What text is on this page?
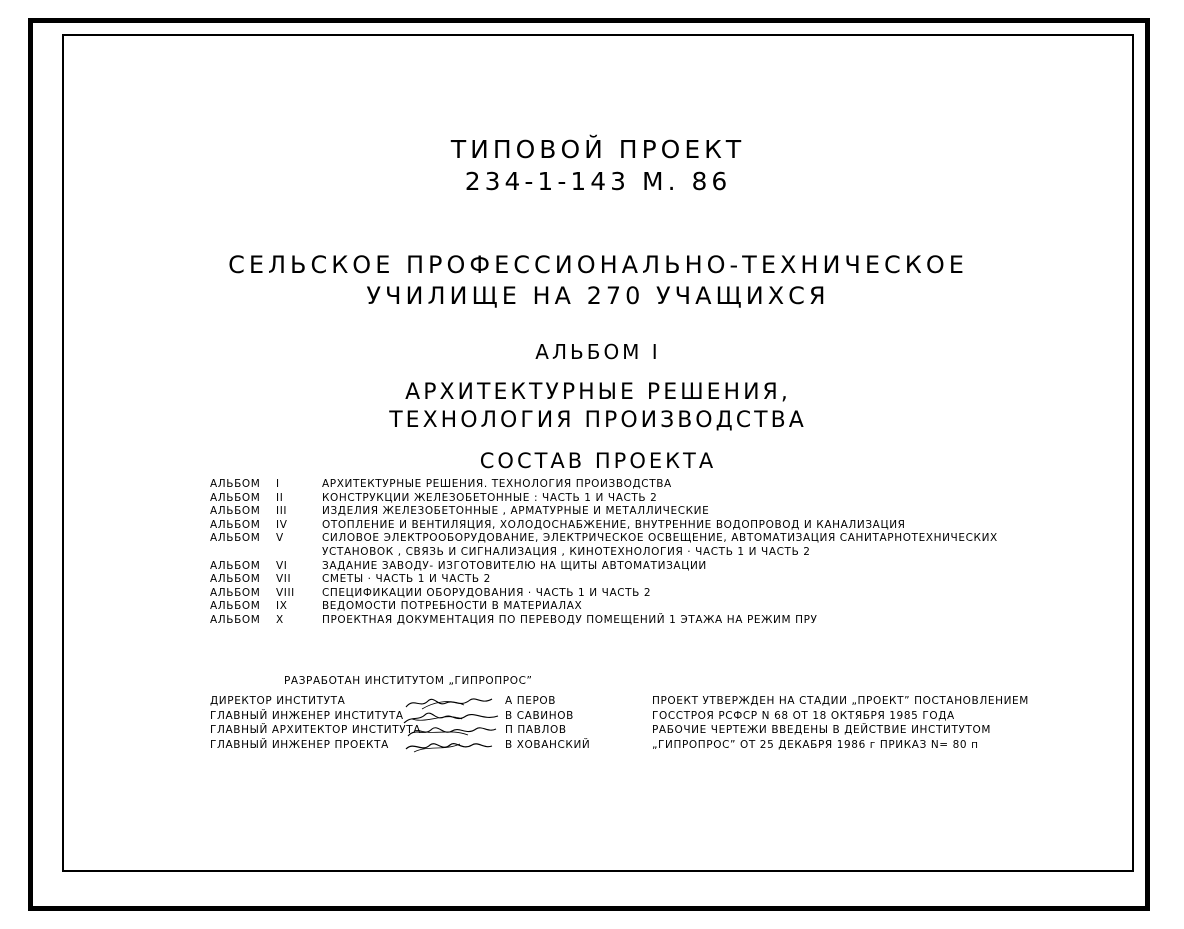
ТИПОВОЙ ПРОЕКТ
234-1-143 М. 86
СЕЛЬСКОЕ ПРОФЕССИОНАЛЬНО-ТЕХНИЧЕСКОЕ
УЧИЛИЩЕ НА 270 УЧАЩИХСЯ
АЛЬБОМ I
АРХИТЕКТУРНЫЕ РЕШЕНИЯ,
ТЕХНОЛОГИЯ ПРОИЗВОДСТВА
СОСТАВ ПРОЕКТА
АЛЬБОМ	I	АРХИТЕКТУРНЫЕ РЕШЕНИЯ. ТЕХНОЛОГИЯ ПРОИЗВОДСТВА
АЛЬБОМ	II	КОНСТРУКЦИИ ЖЕЛЕЗОБЕТОННЫЕ : ЧАСТЬ 1 И ЧАСТЬ 2
АЛЬБОМ	III	ИЗДЕЛИЯ ЖЕЛЕЗОБЕТОННЫЕ , АРМАТУРНЫЕ И МЕТАЛЛИЧЕСКИЕ
АЛЬБОМ	IV	ОТОПЛЕНИЕ И ВЕНТИЛЯЦИЯ, ХОЛОДОСНАБЖЕНИЕ, ВНУТРЕННИЕ ВОДОПРОВОД И КАНАЛИЗАЦИЯ
АЛЬБОМ	V	СИЛОВОЕ ЭЛЕКТРООБОРУДОВАНИЕ, ЭЛЕКТРИЧЕСКОЕ ОСВЕЩЕНИЕ, АВТОМАТИЗАЦИЯ САНИТАРНОТЕХНИЧЕСКИХ
УСТАНОВОК , СВЯЗЬ И СИГНАЛИЗАЦИЯ , КИНОТЕХНОЛОГИЯ · ЧАСТЬ 1 И ЧАСТЬ 2
АЛЬБОМ	VI	ЗАДАНИЕ ЗАВОДУ- ИЗГОТОВИТЕЛЮ НА ЩИТЫ АВТОМАТИЗАЦИИ
АЛЬБОМ	VII	СМЕТЫ · ЧАСТЬ 1 И ЧАСТЬ 2
АЛЬБОМ	VIII	СПЕЦИФИКАЦИИ ОБОРУДОВАНИЯ · ЧАСТЬ 1 И ЧАСТЬ 2
АЛЬБОМ	IX	ВЕДОМОСТИ ПОТРЕБНОСТИ В МАТЕРИАЛАХ
АЛЬБОМ	X	ПРОЕКТНАЯ ДОКУМЕНТАЦИЯ ПО ПЕРЕВОДУ ПОМЕЩЕНИЙ 1 ЭТАЖА НА РЕЖИМ ПРУ
РАЗРАБОТАН ИНСТИТУТОМ „ГИПРОПРОС”
ДИРЕКТОР ИНСТИТУТА	А ПЕРОВ
ГЛАВНЫЙ ИНЖЕНЕР ИНСТИТУТА	В САВИНОВ
ГЛАВНЫЙ АРХИТЕКТОР ИНСТИТУТА	П ПАВЛОВ
ГЛАВНЫЙ ИНЖЕНЕР ПРОЕКТА	В ХОВАНСКИЙ
ПРОЕКТ УТВЕРЖДЕН НА СТАДИИ „ПРОЕКТ” ПОСТАНОВЛЕНИЕМ
ГОССТРОЯ РСФСР N 68 ОТ 18 ОКТЯБРЯ 1985 ГОДА
РАБОЧИЕ ЧЕРТЕЖИ ВВЕДЕНЫ В ДЕЙСТВИЕ ИНСТИТУТОМ
„ГИПРОПРОС” ОТ 25 ДЕКАБРЯ 1986 г ПРИКАЗ N= 80 п
